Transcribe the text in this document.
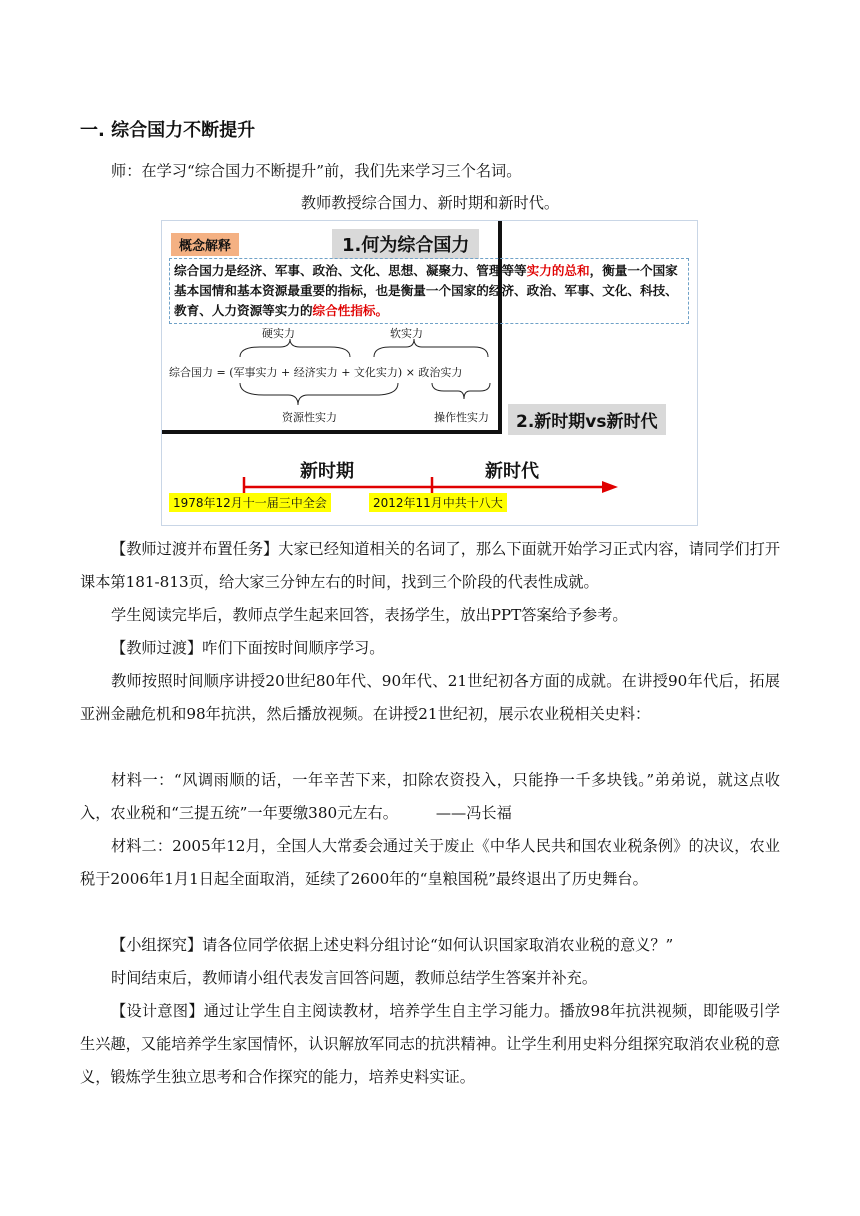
一. 综合国力不断提升

师：在学习“综合国力不断提升”前，我们先来学习三个名词。

教师教授综合国力、新时期和新时代。
概念解释	1.何为综合国力
综合国力是经济、军事、政治、文化、思想、凝聚力、管理等等实力的总和，衡量一个国家基本国情和基本资源最重要的指标，也是衡量一个国家的经济、政治、军事、文化、科技、教育、人力资源等实力的综合性指标。
硬实力	软实力
综合国力 = (军事实力 + 经济实力 + 文化实力) × 政治实力
资源性实力	操作性实力	2.新时期vs新时代
新时期	新时代
1978年12月十一届三中全会	2012年11月中共十八大

【教师过渡并布置任务】大家已经知道相关的名词了，那么下面就开始学习正式内容，请同学们打开课本第181-813页，给大家三分钟左右的时间，找到三个阶段的代表性成就。

学生阅读完毕后，教师点学生起来回答，表扬学生，放出PPT答案给予参考。

【教师过渡】咋们下面按时间顺序学习。

教师按照时间顺序讲授20世纪80年代、90年代、21世纪初各方面的成就。在讲授90年代后，拓展亚洲金融危机和98年抗洪，然后播放视频。在讲授21世纪初，展示农业税相关史料：

材料一：“风调雨顺的话，一年辛苦下来，扣除农资投入，只能挣一千多块钱。”弟弟说，就这点收入，农业税和“三提五统”一年要缴380元左右。　　　——冯长福

材料二：2005年12月，全国人大常委会通过关于废止《中华人民共和国农业税条例》的决议，农业税于2006年1月1日起全面取消，延续了2600年的“皇粮国税”最终退出了历史舞台。

【小组探究】请各位同学依据上述史料分组讨论“如何认识国家取消农业税的意义？”

时间结束后，教师请小组代表发言回答问题，教师总结学生答案并补充。

【设计意图】通过让学生自主阅读教材，培养学生自主学习能力。播放98年抗洪视频，即能吸引学生兴趣，又能培养学生家国情怀，认识解放军同志的抗洪精神。让学生利用史料分组探究取消农业税的意义，锻炼学生独立思考和合作探究的能力，培养史料实证。
